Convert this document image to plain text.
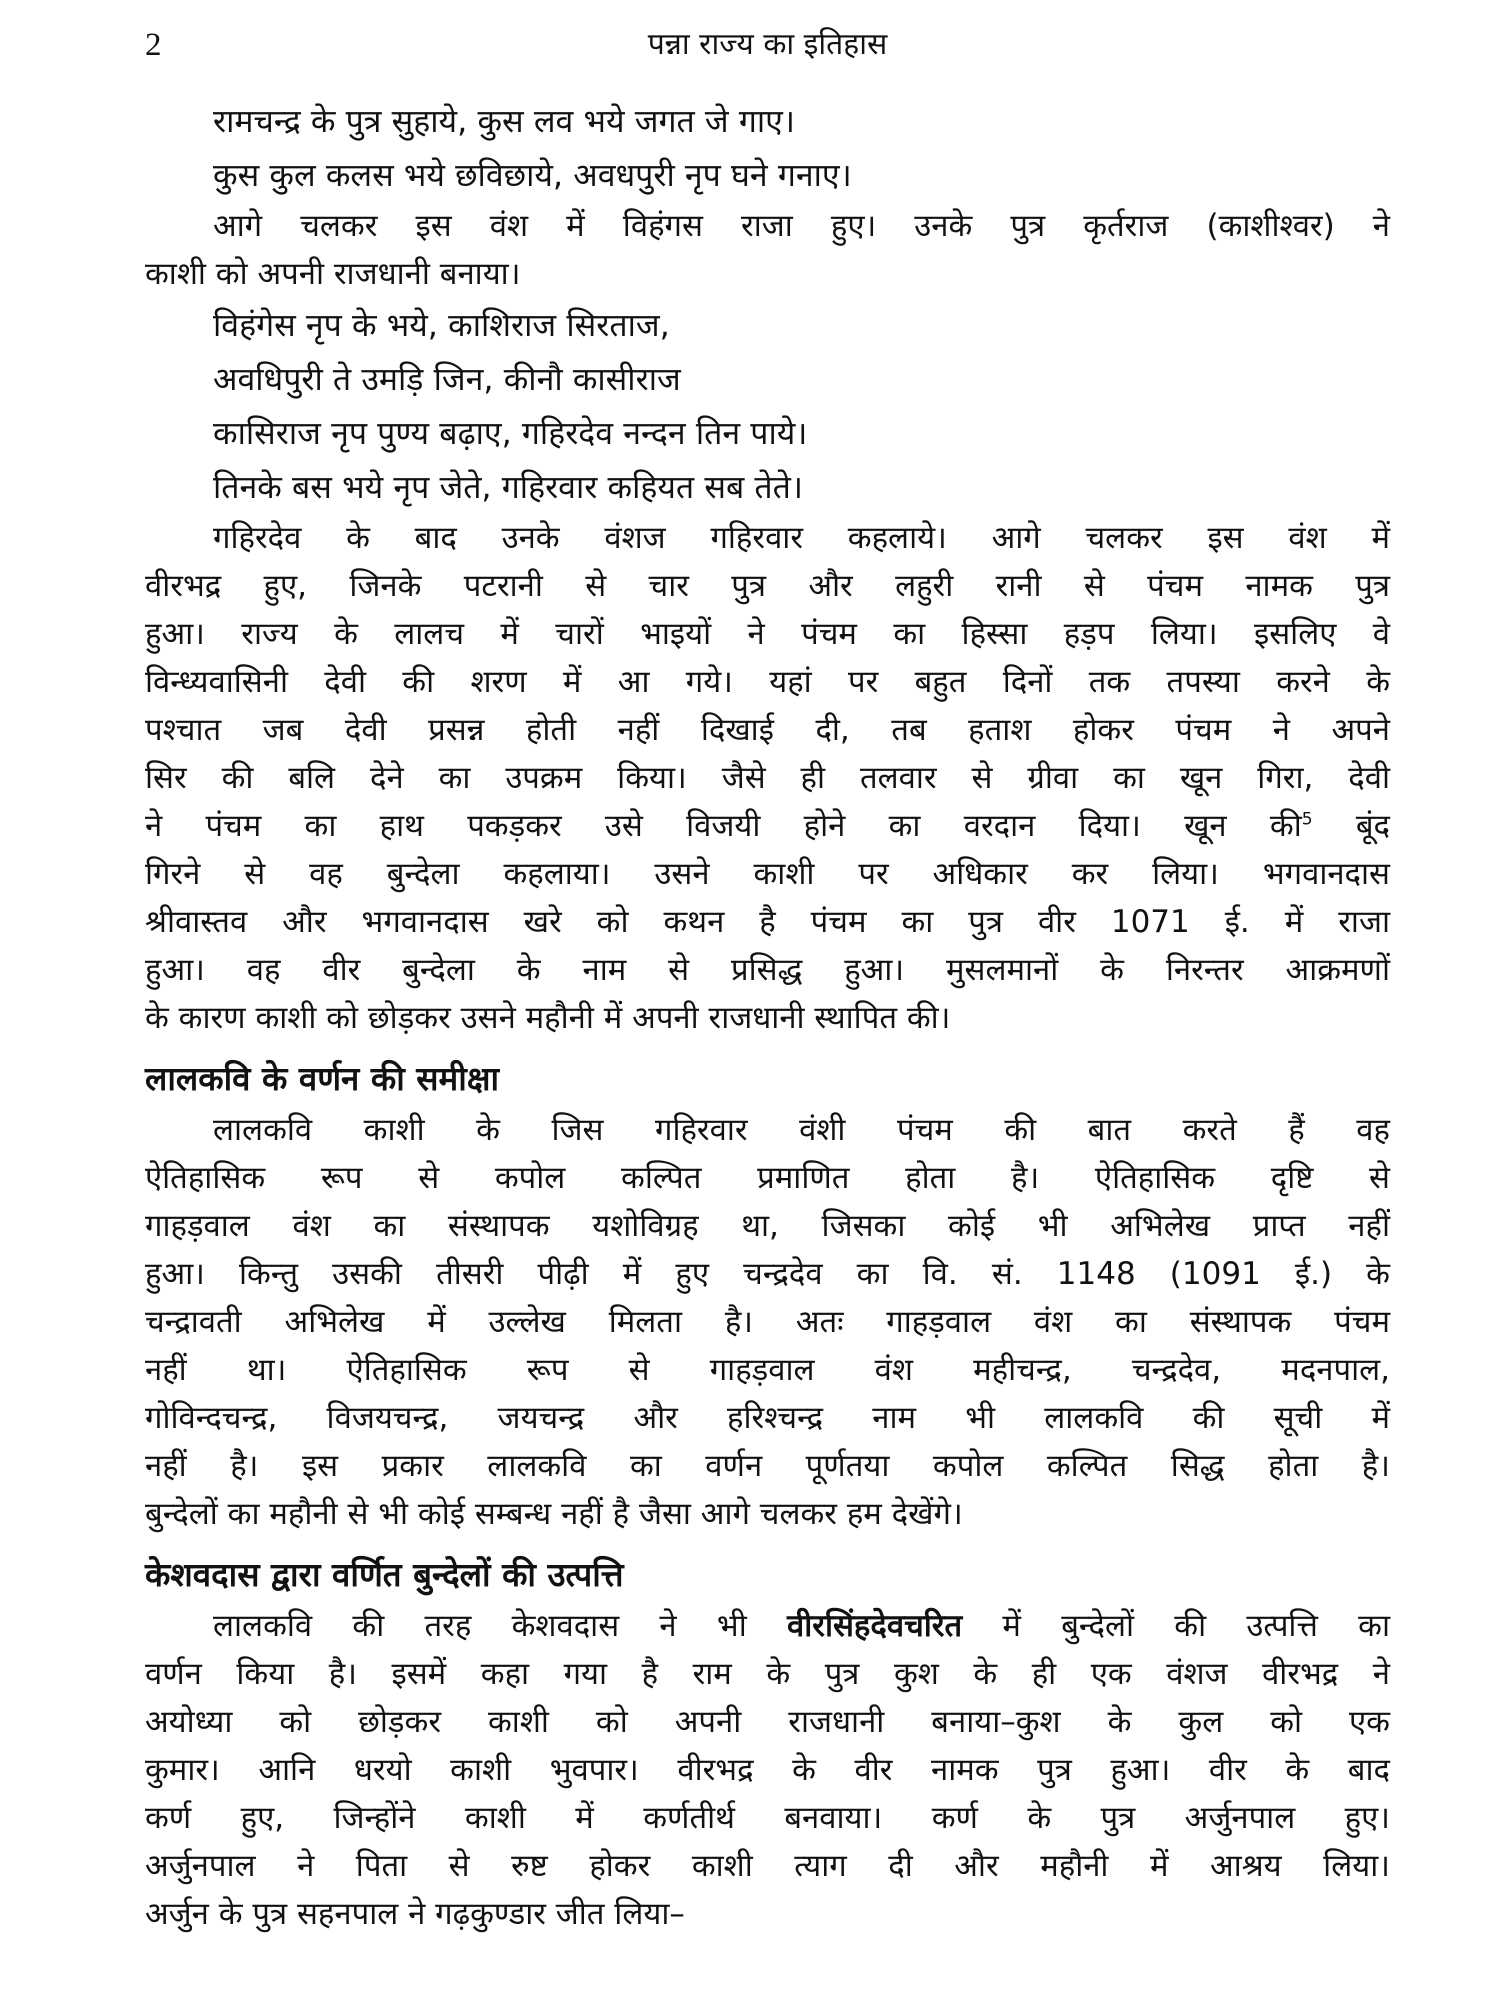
2	पन्ना राज्य का इतिहास

रामचन्द्र के पुत्र सुहाये, कुस लव भये जगत जे गाए।

कुस कुल कलस भये छविछाये, अवधपुरी नृप घने गनाए।

आगे चलकर इस वंश में विहंगस राजा हुए। उनके पुत्र कृर्तराज (काशीश्वर) ने
काशी को अपनी राजधानी बनाया।

विहंगेस नृप के भये, काशिराज सिरताज,

अवधिपुरी ते उमड़ि जिन, कीनौ कासीराज

कासिराज नृप पुण्य बढ़ाए, गहिरदेव नन्दन तिन पाये।

तिनके बस भये नृप जेते, गहिरवार कहियत सब तेते।

गहिरदेव के बाद उनके वंशज गहिरवार कहलाये। आगे चलकर इस वंश में
वीरभद्र हुए, जिनके पटरानी से चार पुत्र और लहुरी रानी से पंचम नामक पुत्र
हुआ। राज्य के लालच में चारों भाइयों ने पंचम का हिस्सा हड़प लिया। इसलिए वे
विन्ध्यवासिनी देवी की शरण में आ गये। यहां पर बहुत दिनों तक तपस्या करने के
पश्चात जब देवी प्रसन्न होती नहीं दिखाई दी, तब हताश होकर पंचम ने अपने
सिर की बलि देने का उपक्रम किया। जैसे ही तलवार से ग्रीवा का खून गिरा, देवी
ने पंचम का हाथ पकड़कर उसे विजयी होने का वरदान दिया। खून की$^5$ बूंद
गिरने से वह बुन्देला कहलाया। उसने काशी पर अधिकार कर लिया। भगवानदास
श्रीवास्तव और भगवानदास खरे को कथन है पंचम का पुत्र वीर 1071 ई. में राजा
हुआ। वह वीर बुन्देला के नाम से प्रसिद्ध हुआ। मुसलमानों के निरन्तर आक्रमणों
के कारण काशी को छोड़कर उसने महौनी में अपनी राजधानी स्थापित की।

लालकवि के वर्णन की समीक्षा

लालकवि काशी के जिस गहिरवार वंशी पंचम की बात करते हैं वह
ऐतिहासिक रूप से कपोल कल्पित प्रमाणित होता है। ऐतिहासिक दृष्टि से
गाहड़वाल वंश का संस्थापक यशोविग्रह था, जिसका कोई भी अभिलेख प्राप्त नहीं
हुआ। किन्तु उसकी तीसरी पीढ़ी में हुए चन्द्रदेव का वि. सं. 1148 (1091 ई.) के
चन्द्रावती अभिलेख में उल्लेख मिलता है। अतः गाहड़वाल वंश का संस्थापक पंचम
नहीं था। ऐतिहासिक रूप से गाहड़वाल वंश महीचन्द्र, चन्द्रदेव, मदनपाल,
गोविन्दचन्द्र, विजयचन्द्र, जयचन्द्र और हरिश्चन्द्र नाम भी लालकवि की सूची में
नहीं है। इस प्रकार लालकवि का वर्णन पूर्णतया कपोल कल्पित सिद्ध होता है।
बुन्देलों का महौनी से भी कोई सम्बन्ध नहीं है जैसा आगे चलकर हम देखेंगे।

केशवदास द्वारा वर्णित बुन्देलों की उत्पत्ति

लालकवि की तरह केशवदास ने भी वीरसिंहदेवचरित में बुन्देलों की उत्पत्ति का
वर्णन किया है। इसमें कहा गया है राम के पुत्र कुश के ही एक वंशज वीरभद्र ने
अयोध्या को छोड़कर काशी को अपनी राजधानी बनाया–कुश के कुल को एक
कुमार। आनि धरयो काशी भुवपार। वीरभद्र के वीर नामक पुत्र हुआ। वीर के बाद
कर्ण हुए, जिन्होंने काशी में कर्णतीर्थ बनवाया। कर्ण के पुत्र अर्जुनपाल हुए।
अर्जुनपाल ने पिता से रुष्ट होकर काशी त्याग दी और महौनी में आश्रय लिया।
अर्जुन के पुत्र सहनपाल ने गढ़कुण्डार जीत लिया–
